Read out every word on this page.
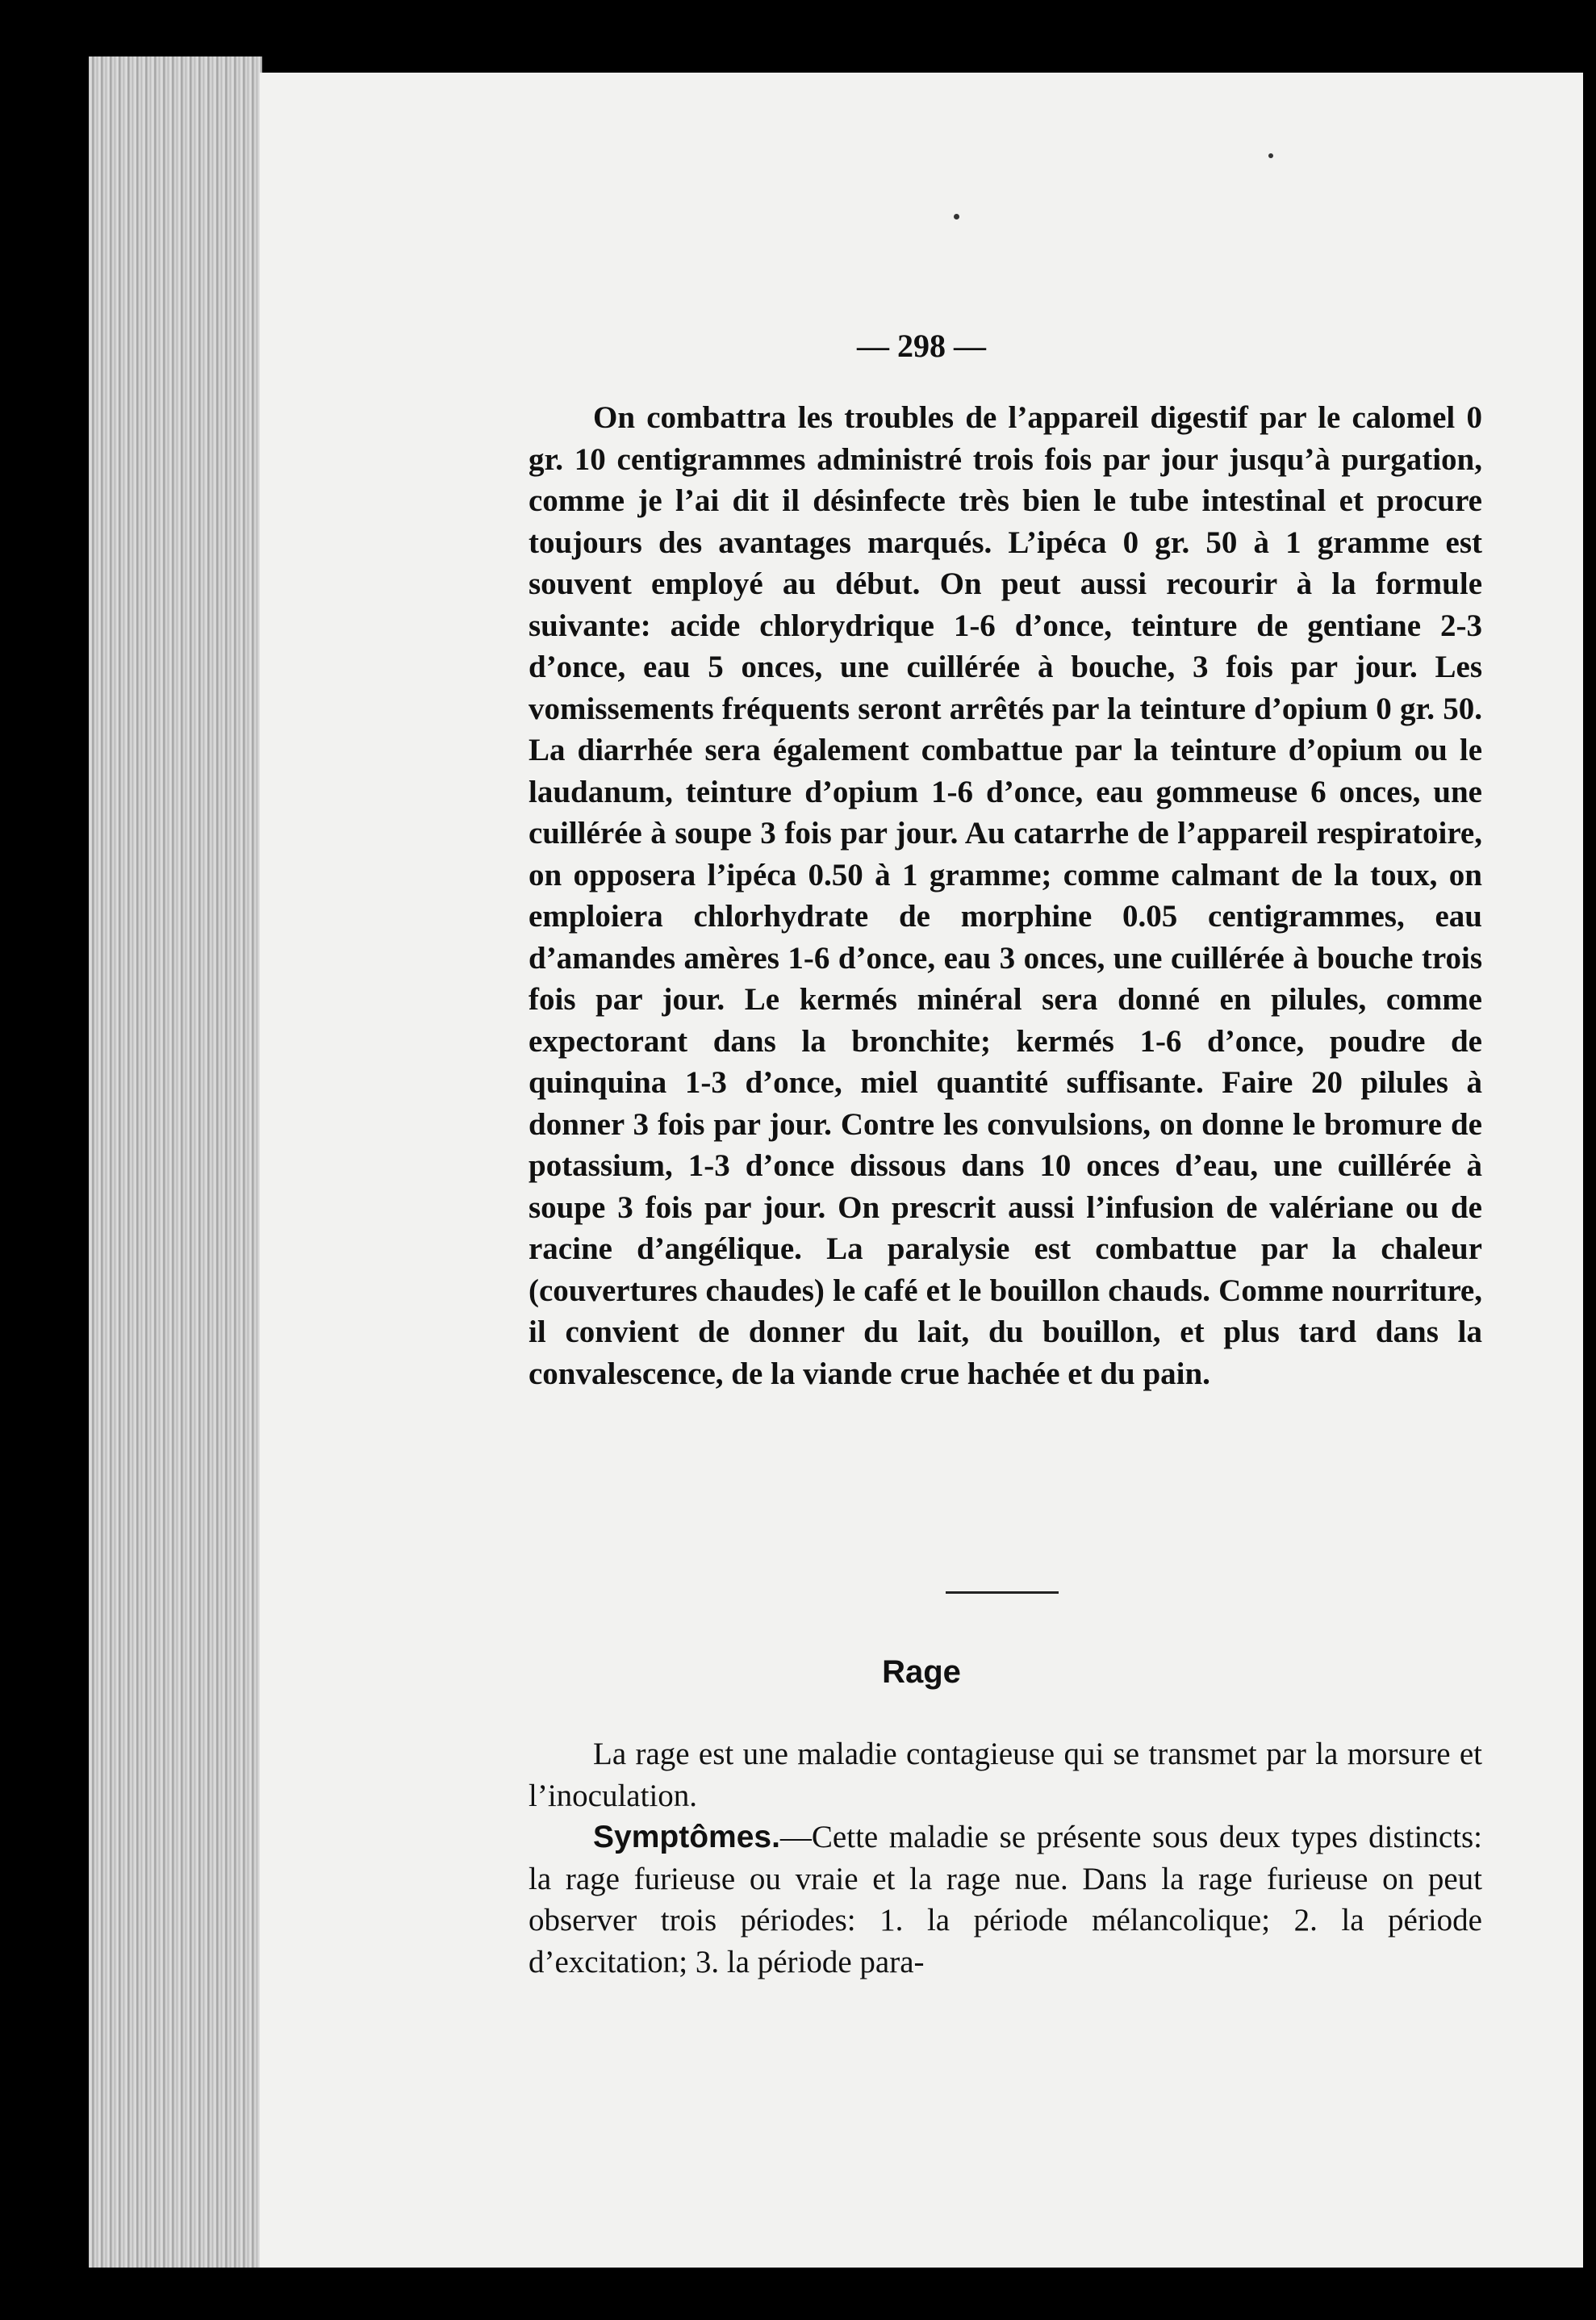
— 298 —

On combattra les troubles de l’appareil digestif par le calomel 0 gr. 10 centigrammes administré trois fois par jour jusqu’à purgation, comme je l’ai dit il désinfecte très bien le tube intestinal et procure toujours des avantages marqués. L’ipéca 0 gr. 50 à 1 gramme est souvent employé au début. On peut aussi recourir à la formule suivante: acide chlorydrique 1-6 d’once, teinture de gentiane 2-3 d’once, eau 5 onces, une cuillérée à bouche, 3 fois par jour. Les vomissements fréquents seront arrêtés par la teinture d’opium 0 gr. 50. La diarrhée sera également combattue par la teinture d’opium ou le laudanum, teinture d’opium 1-6 d’once, eau gommeuse 6 onces, une cuillérée à soupe 3 fois par jour. Au catarrhe de l’appareil respiratoire, on opposera l’ipéca 0.50 à 1 gramme; comme calmant de la toux, on emploiera chlorhydrate de morphine 0.05 centigrammes, eau d’amandes amères 1-6 d’once, eau 3 onces, une cuillérée à bouche trois fois par jour. Le kermés minéral sera donné en pilules, comme expectorant dans la bronchite; kermés 1-6 d’once, poudre de quinquina 1-3 d’once, miel quantité suffisante. Faire 20 pilules à donner 3 fois par jour. Contre les convulsions, on donne le bromure de potassium, 1-3 d’once dissous dans 10 onces d’eau, une cuillérée à soupe 3 fois par jour. On prescrit aussi l’infusion de valériane ou de racine d’angélique. La paralysie est combattue par la chaleur (couvertures chaudes) le café et le bouillon chauds. Comme nourriture, il convient de donner du lait, du bouillon, et plus tard dans la convalescence, de la viande crue hachée et du pain.

Rage

La rage est une maladie contagieuse qui se transmet par la morsure et l’inoculation.

Symptômes.—Cette maladie se présente sous deux types distincts: la rage furieuse ou vraie et la rage nue. Dans la rage furieuse on peut observer trois périodes: 1. la période mélancolique; 2. la période d’excitation; 3. la période para-
